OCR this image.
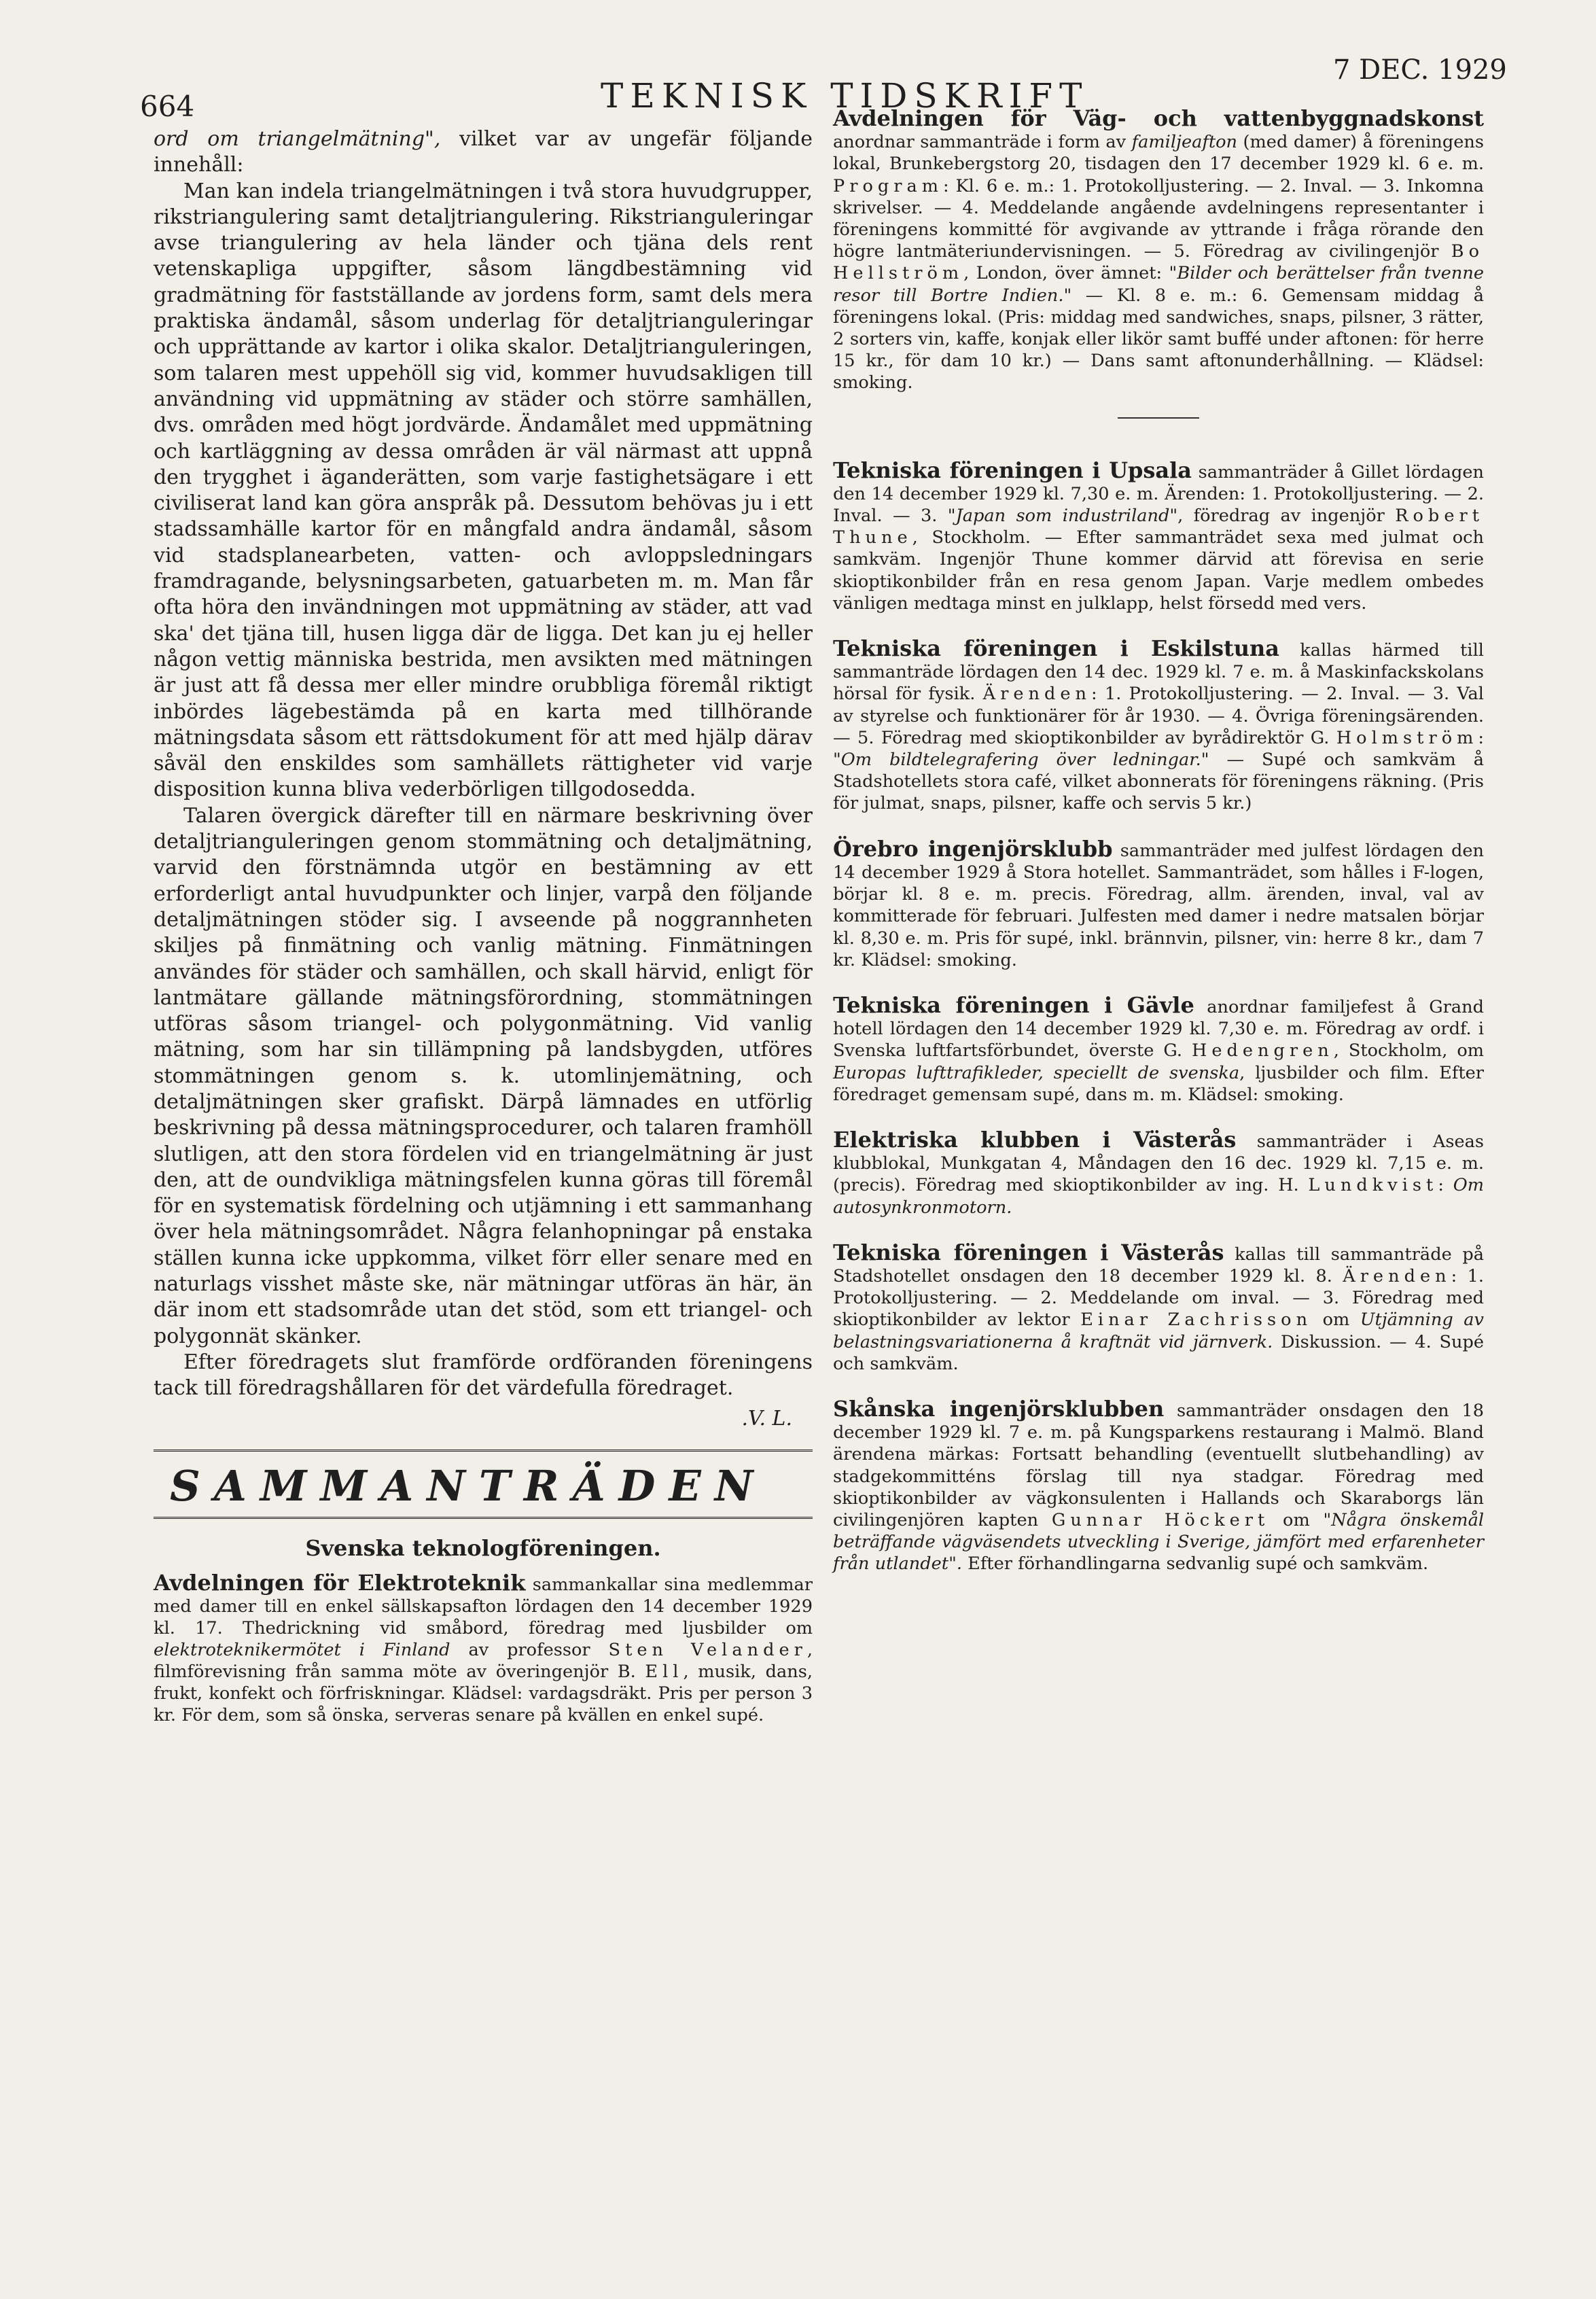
664	TEKNISK TIDSKRIFT
7 DEC. 1929

ord om triangelmätning", vilket var av ungefär följande innehåll:

Man kan indela triangelmätningen i två stora huvudgrupper, rikstriangulering samt detaljtriangulering. Rikstrianguleringar avse triangulering av hela länder och tjäna dels rent vetenskapliga uppgifter, såsom längdbestämning vid gradmätning för fastställande av jordens form, samt dels mera praktiska ändamål, såsom underlag för detaljtrianguleringar och upprättande av kartor i olika skalor. Detaljtrianguleringen, som talaren mest uppehöll sig vid, kommer huvudsakligen till användning vid uppmätning av städer och större samhällen, dvs. områden med högt jordvärde. Ändamålet med uppmätning och kartläggning av dessa områden är väl närmast att uppnå den trygghet i äganderätten, som varje fastighetsägare i ett civiliserat land kan göra anspråk på. Dessutom behövas ju i ett stadssamhälle kartor för en mångfald andra ändamål, såsom vid stadsplanearbeten, vatten- och avloppsledningars framdragande, belysningsarbeten, gatuarbeten m. m. Man får ofta höra den invändningen mot uppmätning av städer, att vad ska' det tjäna till, husen ligga där de ligga. Det kan ju ej heller någon vettig människa bestrida, men avsikten med mätningen är just att få dessa mer eller mindre orubbliga föremål riktigt inbördes lägebestämda på en karta med tillhörande mätningsdata såsom ett rättsdokument för att med hjälp därav såväl den enskildes som samhällets rättigheter vid varje disposition kunna bliva vederbörligen tillgodosedda.

Talaren övergick därefter till en närmare beskrivning över detaljtrianguleringen genom stommätning och detaljmätning, varvid den förstnämnda utgör en bestämning av ett erforderligt antal huvudpunkter och linjer, varpå den följande detaljmätningen stöder sig. I avseende på noggrannheten skiljes på finmätning och vanlig mätning. Finmätningen användes för städer och samhällen, och skall härvid, enligt för lantmätare gällande mätningsförordning, stommätningen utföras såsom triangel- och polygonmätning. Vid vanlig mätning, som har sin tillämpning på landsbygden, utföres stommätningen genom s. k. utomlinjemätning, och detaljmätningen sker grafiskt. Därpå lämnades en utförlig beskrivning på dessa mätningsprocedurer, och talaren framhöll slutligen, att den stora fördelen vid en triangelmätning är just den, att de oundvikliga mätningsfelen kunna göras till föremål för en systematisk fördelning och utjämning i ett sammanhang över hela mätningsområdet. Några felanhopningar på enstaka ställen kunna icke uppkomma, vilket förr eller senare med en naturlags visshet måste ske, när mätningar utföras än här, än där inom ett stadsområde utan det stöd, som ett triangel- och polygonnät skänker.

Efter föredragets slut framförde ordföranden föreningens tack till föredragshållaren för det värdefulla föredraget.

.V. L.

SAMMANTRÄDEN
Svenska teknologföreningen.
Avdelningen för Elektroteknik sammankallar sina medlemmar med damer till en enkel sällskapsafton lördagen den 14 december 1929 kl. 17. Thedrickning vid småbord, föredrag med ljusbilder om elektroteknikermötet i Finland av professor Sten Velander, filmförevisning från samma möte av överingenjör B. Ell, musik, dans, frukt, konfekt och förfriskningar. Klädsel: vardagsdräkt. Pris per person 3 kr. För dem, som så önska, serveras senare på kvällen en enkel supé.
Avdelningen för Väg- och vattenbyggnadskonst anordnar sammanträde i form av familjeafton (med damer) å föreningens lokal, Brunkebergstorg 20, tisdagen den 17 december 1929 kl. 6 e. m. Program: Kl. 6 e. m.: 1. Protokolljustering. — 2. Inval. — 3. Inkomna skrivelser. — 4. Meddelande angående avdelningens representanter i föreningens kommitté för avgivande av yttrande i fråga rörande den högre lantmäteriundervisningen. — 5. Föredrag av civilingenjör Bo Hellström, London, över ämnet: "Bilder och berättelser från tvenne resor till Bortre Indien." — Kl. 8 e. m.: 6. Gemensam middag å föreningens lokal. (Pris: middag med sandwiches, snaps, pilsner, 3 rätter, 2 sorters vin, kaffe, konjak eller likör samt buffé under aftonen: för herre 15 kr., för dam 10 kr.) — Dans samt aftonunderhållning. — Klädsel: smoking.
Tekniska föreningen i Upsala sammanträder å Gillet lördagen den 14 december 1929 kl. 7,30 e. m. Ärenden: 1. Protokolljustering. — 2. Inval. — 3. "Japan som industriland", föredrag av ingenjör Robert Thune, Stockholm. — Efter sammanträdet sexa med julmat och samkväm. Ingenjör Thune kommer därvid att förevisa en serie skioptikonbilder från en resa genom Japan. Varje medlem ombedes vänligen medtaga minst en julklapp, helst försedd med vers.
Tekniska föreningen i Eskilstuna kallas härmed till sammanträde lördagen den 14 dec. 1929 kl. 7 e. m. å Maskinfackskolans hörsal för fysik. Ärenden: 1. Protokolljustering. — 2. Inval. — 3. Val av styrelse och funktionärer för år 1930. — 4. Övriga föreningsärenden. — 5. Föredrag med skioptikonbilder av byrådirektör G. Holmström: "Om bildtelegrafering över ledningar." — Supé och samkväm å Stadshotellets stora café, vilket abonnerats för föreningens räkning. (Pris för julmat, snaps, pilsner, kaffe och servis 5 kr.)
Örebro ingenjörsklubb sammanträder med julfest lördagen den 14 december 1929 å Stora hotellet. Sammanträdet, som hålles i F-logen, börjar kl. 8 e. m. precis. Föredrag, allm. ärenden, inval, val av kommitterade för februari. Julfesten med damer i nedre matsalen börjar kl. 8,30 e. m. Pris för supé, inkl. brännvin, pilsner, vin: herre 8 kr., dam 7 kr. Klädsel: smoking.
Tekniska föreningen i Gävle anordnar familjefest å Grand hotell lördagen den 14 december 1929 kl. 7,30 e. m. Föredrag av ordf. i Svenska luftfartsförbundet, överste G. Hedengren, Stockholm, om Europas lufttrafikleder, speciellt de svenska, ljusbilder och film. Efter föredraget gemensam supé, dans m. m. Klädsel: smoking.
Elektriska klubben i Västerås sammanträder i Aseas klubblokal, Munkgatan 4, Måndagen den 16 dec. 1929 kl. 7,15 e. m. (precis). Föredrag med skioptikonbilder av ing. H. Lundkvist: Om autosynkronmotorn.
Tekniska föreningen i Västerås kallas till sammanträde på Stadshotellet onsdagen den 18 december 1929 kl. 8. Ärenden: 1. Protokolljustering. — 2. Meddelande om inval. — 3. Föredrag med skioptikonbilder av lektor Einar Zachrisson om Utjämning av belastningsvariationerna å kraftnät vid järnverk. Diskussion. — 4. Supé och samkväm.
Skånska ingenjörsklubben sammanträder onsdagen den 18 december 1929 kl. 7 e. m. på Kungsparkens restaurang i Malmö. Bland ärendena märkas: Fortsatt behandling (eventuellt slutbehandling) av stadgekommitténs förslag till nya stadgar. Föredrag med skioptikonbilder av vägkonsulenten i Hallands och Skaraborgs län civilingenjören kapten Gunnar Höckert om "Några önskemål beträffande vägväsendets utveckling i Sverige, jämfört med erfarenheter från utlandet". Efter förhandlingarna sedvanlig supé och samkväm.
